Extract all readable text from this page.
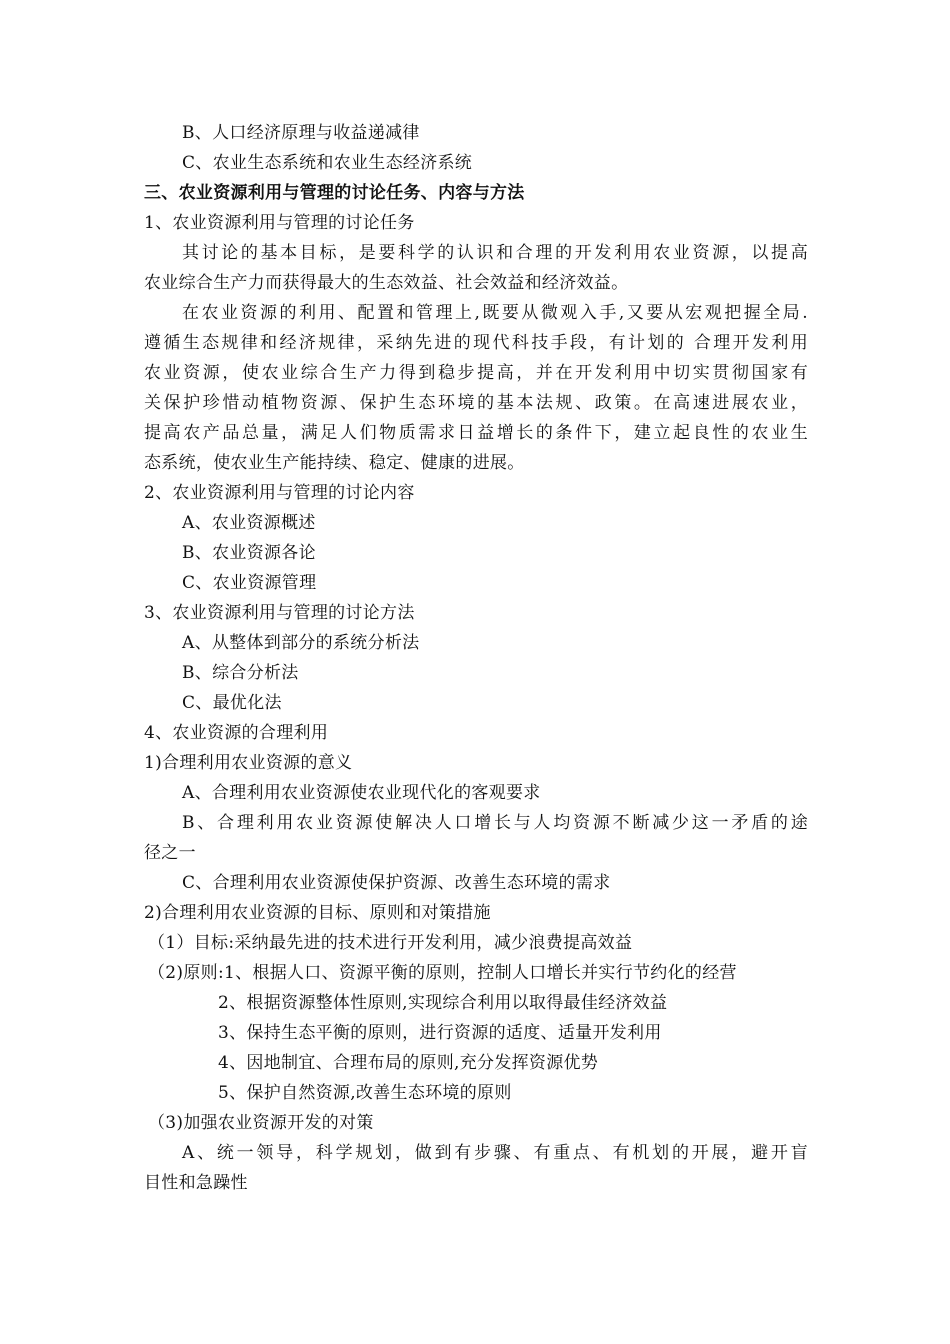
B、人口经济原理与收益递减律
C、农业生态系统和农业生态经济系统
三、农业资源利用与管理的讨论任务、内容与方法
1、农业资源利用与管理的讨论任务
其讨论的基本目标，是要科学的认识和合理的开发利用农业资源，以提高
农业综合生产力而获得最大的生态效益、社会效益和经济效益。
在农业资源的利用、配置和管理上,既要从微观入手,又要从宏观把握全局.
遵循生态规律和经济规律，采纳先进的现代科技手段，有计划的 合理开发利用
农业资源，使农业综合生产力得到稳步提高，并在开发利用中切实贯彻国家有
关保护珍惜动植物资源、保护生态环境的基本法规、政策。在高速进展农业，
提高农产品总量，满足人们物质需求日益增长的条件下，建立起良性的农业生
态系统，使农业生产能持续、稳定、健康的进展。
2、农业资源利用与管理的讨论内容
A、农业资源概述
B、农业资源各论
C、农业资源管理
3、农业资源利用与管理的讨论方法
A、从整体到部分的系统分析法
B、综合分析法
C、最优化法
4、农业资源的合理利用
1)合理利用农业资源的意义
A、合理利用农业资源使农业现代化的客观要求
B、合理利用农业资源使解决人口增长与人均资源不断减少这一矛盾的途
径之一
C、合理利用农业资源使保护资源、改善生态环境的需求
2)合理利用农业资源的目标、原则和对策措施
（1）目标:采纳最先进的技术进行开发利用，减少浪费提高效益
（2)原则:1、根据人口、资源平衡的原则，控制人口增长并实行节约化的经营
2、根据资源整体性原则,实现综合利用以取得最佳经济效益
3、保持生态平衡的原则，进行资源的适度、适量开发利用
4、因地制宜、合理布局的原则,充分发挥资源优势
5、保护自然资源,改善生态环境的原则
（3)加强农业资源开发的对策
A、统一领导，科学规划，做到有步骤、有重点、有机划的开展，避开盲
目性和急躁性
